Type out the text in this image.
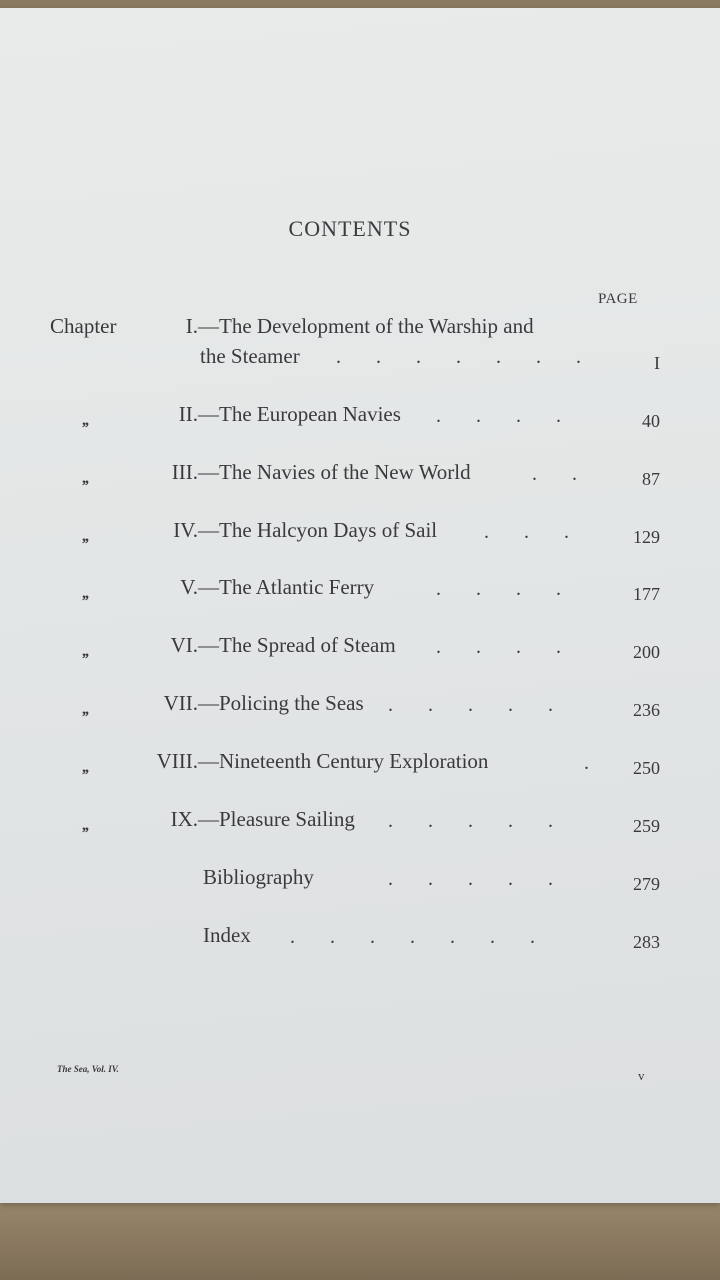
CONTENTS
PAGE
Chapter	I. —The Development of the Warship and
the Steamer .       .       .       .       .       .       .	I
,,	II. —The European Navies .       .       .       .	40
,,	III. —The Navies of the New World	.       .	87
,,	IV. —The Halcyon Days of Sail .       .       .	129
,,	V. —The Atlantic Ferry	.       .       .       .	177
,,	VI. —The Spread of Steam .       .       .       .	200
,,	VII. —Policing the Seas .       .       .       .       .	236
,,	VIII. —Nineteenth Century Exploration	.	250
,,	IX. —Pleasure Sailing .       .       .       .       .	259
Bibliography	.       .       .       .       .	279
Index .       .       .       .       .       .       .	283
The Sea, Vol. IV.	v
